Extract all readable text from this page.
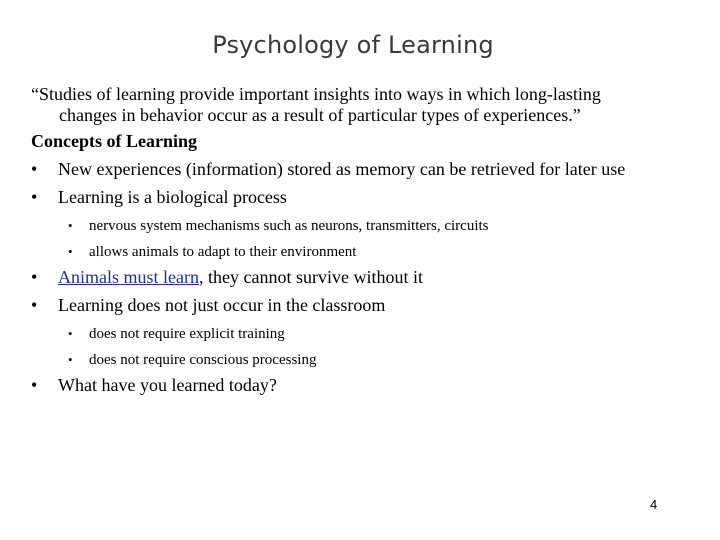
Psychology of Learning

“Studies of learning provide important insights into ways in which long-lasting
changes in behavior occur as a result of particular types of experiences.”

Concepts of Learning
• New experiences (information) stored as memory can be retrieved for later use
• Learning is a biological process
• nervous system mechanisms such as neurons, transmitters, circuits
• allows animals to adapt to their environment
• Animals must learn, they cannot survive without it
• Learning does not just occur in the classroom
• does not require explicit training
• does not require conscious processing
• What have you learned today?
4
